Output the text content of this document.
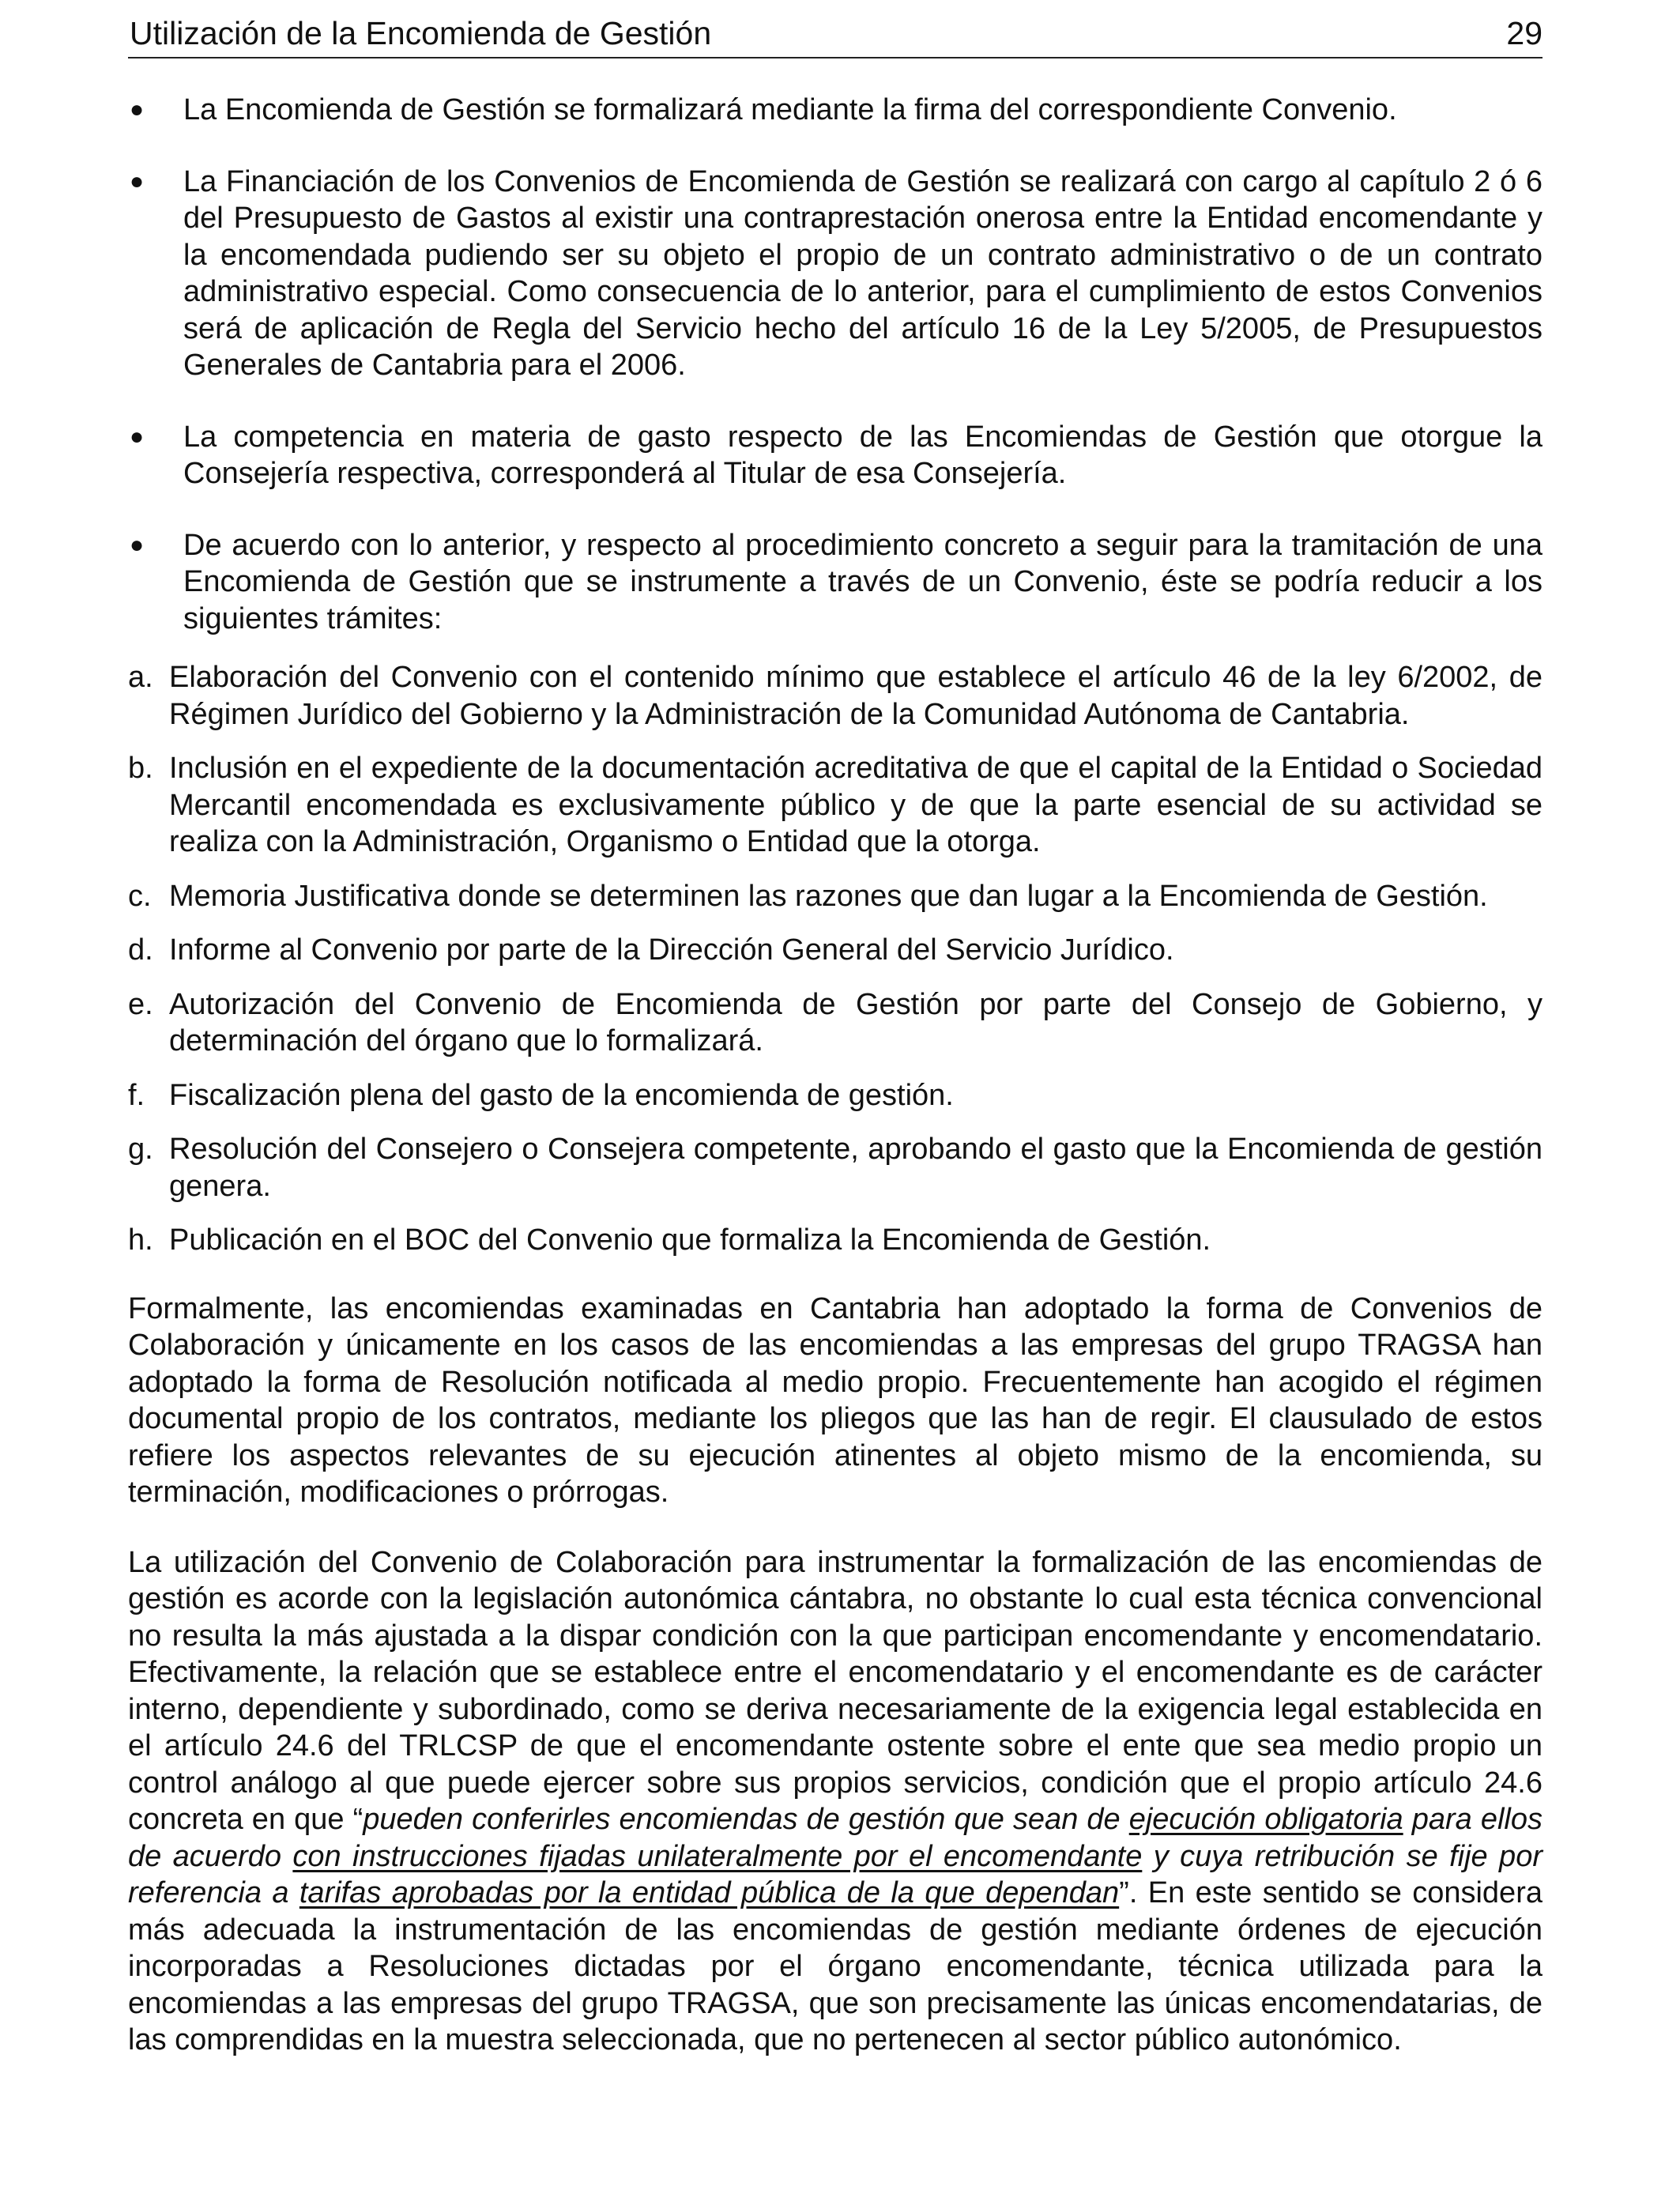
Utilización de la Encomienda de Gestión	29
● La Encomienda de Gestión se formalizará mediante la firma del correspondiente Convenio.
● La Financiación de los Convenios de Encomienda de Gestión se realizará con cargo al capítulo 2 ó 6 del Presupuesto de Gastos al existir una contraprestación onerosa entre la Entidad encomendante y la encomendada pudiendo ser su objeto el propio de un contrato administrativo o de un contrato administrativo especial. Como consecuencia de lo anterior, para el cumplimiento de estos Convenios será de aplicación de Regla del Servicio hecho del artículo 16 de la Ley 5/2005, de Presupuestos Generales de Cantabria para el 2006.
● La competencia en materia de gasto respecto de las Encomiendas de Gestión que otorgue la Consejería respectiva, corresponderá al Titular de esa Consejería.
● De acuerdo con lo anterior, y respecto al procedimiento concreto a seguir para la tramitación de una Encomienda de Gestión que se instrumente a través de un Convenio, éste se podría reducir a los siguientes trámites:
a. Elaboración del Convenio con el contenido mínimo que establece el artículo 46 de la ley 6/2002, de Régimen Jurídico del Gobierno y la Administración de la Comunidad Autónoma de Cantabria.
b. Inclusión en el expediente de la documentación acreditativa de que el capital de la Entidad o Sociedad Mercantil encomendada es exclusivamente público y de que la parte esencial de su actividad se realiza con la Administración, Organismo o Entidad que la otorga.
c. Memoria Justificativa donde se determinen las razones que dan lugar a la Encomienda de Gestión.
d. Informe al Convenio por parte de la Dirección General del Servicio Jurídico.
e. Autorización del Convenio de Encomienda de Gestión por parte del Consejo de Gobierno, y determinación del órgano que lo formalizará.
f. Fiscalización plena del gasto de la encomienda de gestión.
g. Resolución del Consejero o Consejera competente, aprobando el gasto que la Encomienda de gestión genera.
h. Publicación en el BOC del Convenio que formaliza la Encomienda de Gestión.

Formalmente, las encomiendas examinadas en Cantabria han adoptado la forma de Convenios de Colaboración y únicamente en los casos de las encomiendas a las empresas del grupo TRAGSA han adoptado la forma de Resolución notificada al medio propio. Frecuentemente han acogido el régimen documental propio de los contratos, mediante los pliegos que las han de regir. El clausulado de estos refiere los aspectos relevantes de su ejecución atinentes al objeto mismo de la encomienda, su terminación, modificaciones o prórrogas.

La utilización del Convenio de Colaboración para instrumentar la formalización de las encomiendas de gestión es acorde con la legislación autonómica cántabra, no obstante lo cual esta técnica convencional no resulta la más ajustada a la dispar condición con la que participan encomendante y encomendatario. Efectivamente, la relación que se establece entre el encomendatario y el encomendante es de carácter interno, dependiente y subordinado, como se deriva necesariamente de la exigencia legal establecida en el artículo 24.6 del TRLCSP de que el encomendante ostente sobre el ente que sea medio propio un control análogo al que puede ejercer sobre sus propios servicios, condición que el propio artículo 24.6 concreta en que “pueden conferirles encomiendas de gestión que sean de ejecución obligatoria para ellos de acuerdo con instrucciones fijadas unilateralmente por el encomendante y cuya retribución se fije por referencia a tarifas aprobadas por la entidad pública de la que dependan”. En este sentido se considera más adecuada la instrumentación de las encomiendas de gestión mediante órdenes de ejecución incorporadas a Resoluciones dictadas por el órgano encomendante, técnica utilizada para la encomiendas a las empresas del grupo TRAGSA, que son precisamente las únicas encomendatarias, de las comprendidas en la muestra seleccionada, que no pertenecen al sector público autonómico.
